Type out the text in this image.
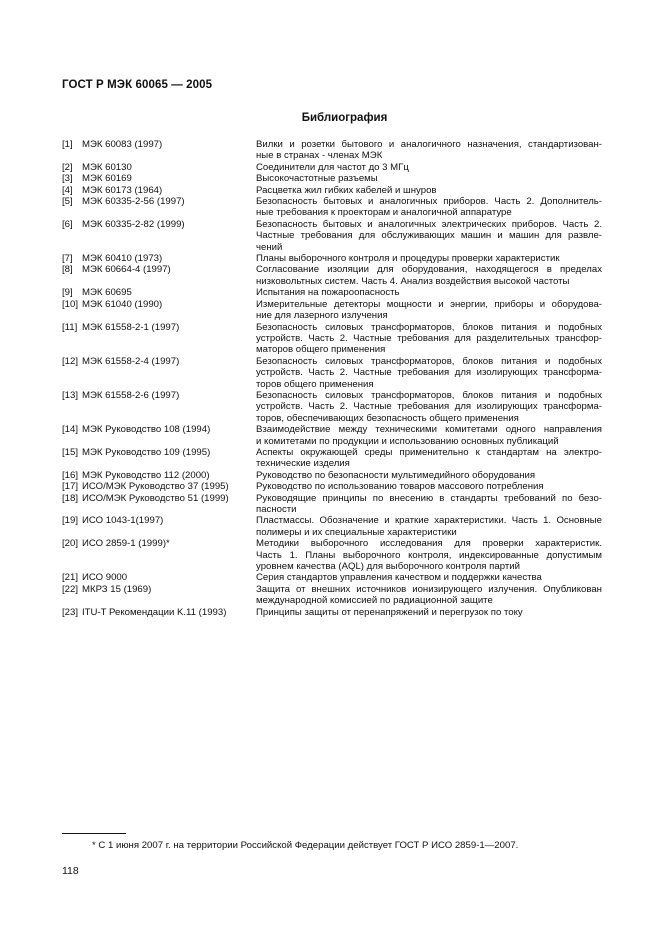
ГОСТ Р МЭК 60065 — 2005
Библиография
[1] МЭК 60083 (1997)	Вилки и розетки бытового и аналогичного назначения, стандартизован-
ные в странах - членах МЭК
[2] МЭК 60130	Соединители для частот до 3 МГц
[3] МЭК 60169	Высокочастотные разъемы
[4] МЭК 60173 (1964)	Расцветка жил гибких кабелей и шнуров
[5] МЭК 60335-2-56 (1997)	Безопасность бытовых и аналогичных приборов. Часть 2. Дополнитель-
ные требования к проекторам и аналогичной аппаратуре
[6] МЭК 60335-2-82 (1999)	Безопасность бытовых и аналогичных электрических приборов. Часть 2.
Частные требования для обслуживающих машин и машин для развле-
чений
[7] МЭК 60410 (1973)	Планы выборочного контроля и процедуры проверки характеристик
[8] МЭК 60664-4 (1997)	Согласование изоляции для оборудования, находящегося в пределах
низковольтных систем. Часть 4. Анализ воздействия высокой частоты
[9] МЭК 60695	Испытания на пожароопасность
[10] МЭК 61040 (1990)	Измерительные детекторы мощности и энергии, приборы и оборудова-
ние для лазерного излучения
[11] МЭК 61558-2-1 (1997)	Безопасность силовых трансформаторов, блоков питания и подобных
устройств. Часть 2. Частные требования для разделительных трансфор-
маторов общего применения
[12] МЭК 61558-2-4 (1997)	Безопасность силовых трансформаторов, блоков питания и подобных
устройств. Часть 2. Частные требования для изолирующих трансформа-
торов общего применения
[13] МЭК 61558-2-6 (1997)	Безопасность силовых трансформаторов, блоков питания и подобных
устройств. Часть 2. Частные требования для изолирующих трансформа-
торов, обеспечивающих безопасность общего применения
[14] МЭК Руководство 108 (1994)	Взаимодействие между техническими комитетами одного направления
и комитетами по продукции и использованию основных публикаций
[15] МЭК Руководство 109 (1995)	Аспекты окружающей среды применительно к стандартам на электро-
технические изделия
[16] МЭК Руководство 112 (2000)	Руководство по безопасности мультимедийного оборудования
[17] ИСО/МЭК Руководство 37 (1995)	Руководство по использованию товаров массового потребления
[18] ИСО/МЭК Руководство 51 (1999)	Руководящие принципы по внесению в стандарты требований по безо-
пасности
[19] ИСО 1043-1(1997)	Пластмассы. Обозначение и краткие характеристики. Часть 1. Основные
полимеры и их специальные характеристики
[20] ИСО 2859-1 (1999)*	Методики выборочного исследования для проверки характеристик.
Часть 1. Планы выборочного контроля, индексированные допустимым
уровнем качества (AQL) для выборочного контроля партий
[21] ИСО 9000	Серия стандартов управления качеством и поддержки качества
[22] МКРЗ 15 (1969)	Защита от внешних источников ионизирующего излучения. Опубликован
международной комиссией по радиационной защите
[23] ITU-T Рекомендации K.11 (1993)	Принципы защиты от перенапряжений и перегрузок по току
* С 1 июня 2007 г. на территории Российской Федерации действует ГОСТ Р ИСО 2859-1—2007.
118
